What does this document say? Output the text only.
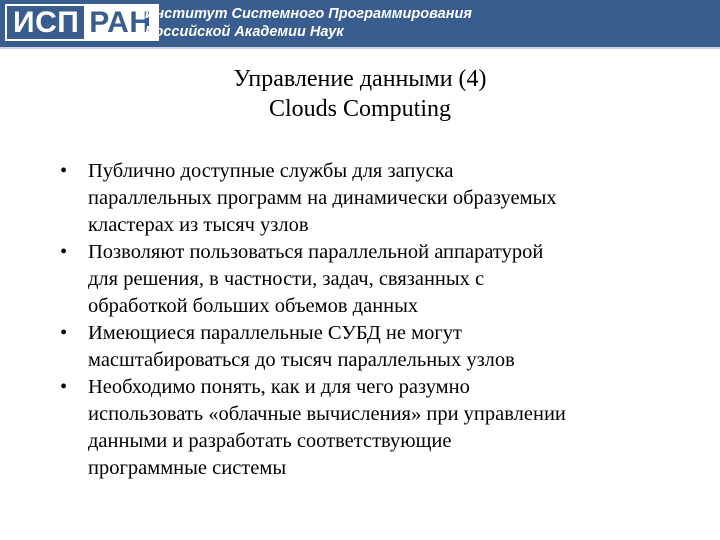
ИСП РАН
Институт Системного Программирования
Российской Академии Наук
Управление данными (4)
Clouds Computing
• Публично доступные службы для запуска
параллельных программ на динамически образуемых
кластерах из тысяч узлов
• Позволяют пользоваться параллельной аппаратурой
для решения, в частности, задач, связанных с
обработкой больших объемов данных
• Имеющиеся параллельные СУБД не могут
масштабироваться до тысяч параллельных узлов
• Необходимо понять, как и для чего разумно
использовать «облачные вычисления» при управлении
данными и разработать соответствующие
программные системы
